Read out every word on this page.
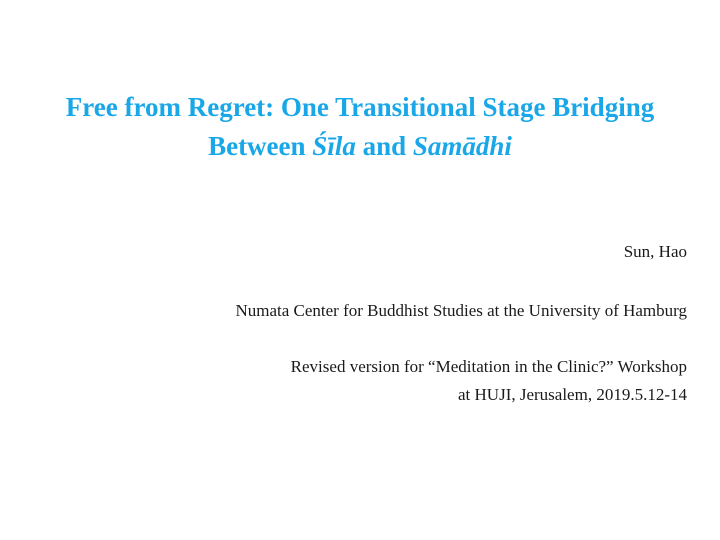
Free from Regret: One Transitional Stage Bridging
Between Śīla and Samādhi
Sun, Hao
Numata Center for Buddhist Studies at the University of Hamburg
Revised version for “Meditation in the Clinic?” Workshop
at HUJI, Jerusalem, 2019.5.12-14
